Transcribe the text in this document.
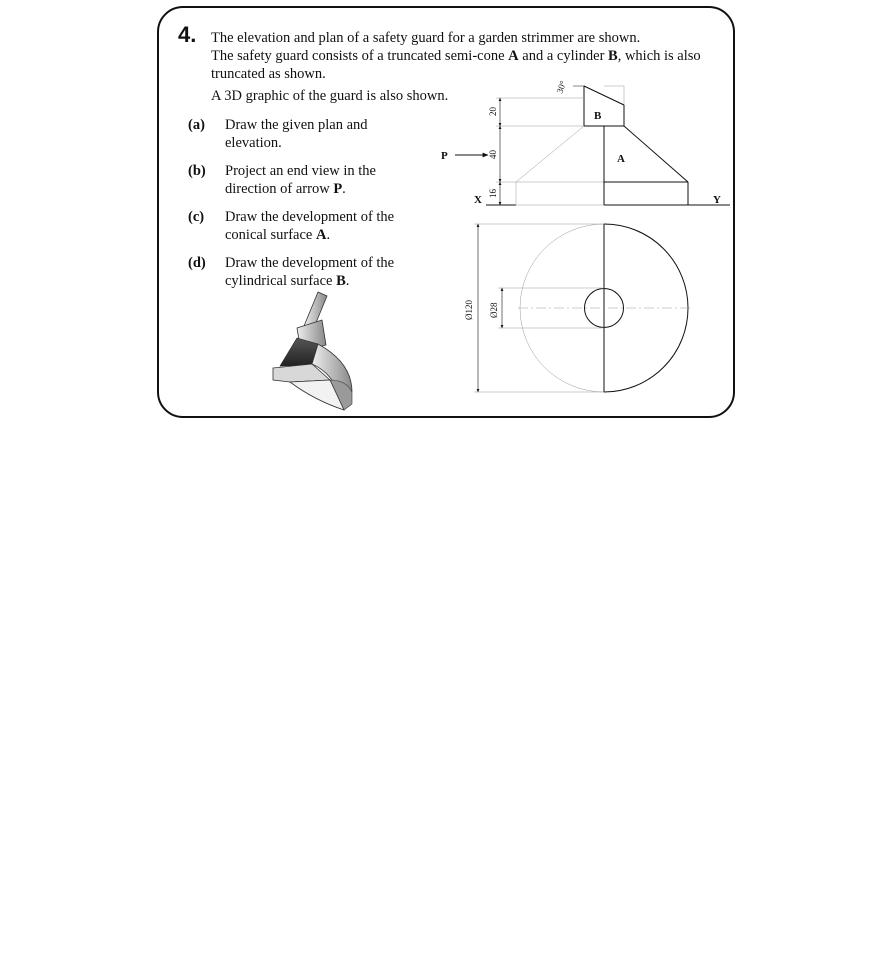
4. The elevation and plan of a safety guard for a garden strimmer are shown.

The safety guard consists of a truncated semi-cone A and a cylinder B, which is also truncated as shown.

A 3D graphic of the guard is also shown.

(a) Draw the given plan and elevation.
(b) Project an end view in the direction of arrow P.
(c) Draw the development of the conical surface A.
(d) Draw the development of the cylindrical surface B.
30°
20
40
16
P
B
A
X	Y
Ø120 Ø28
